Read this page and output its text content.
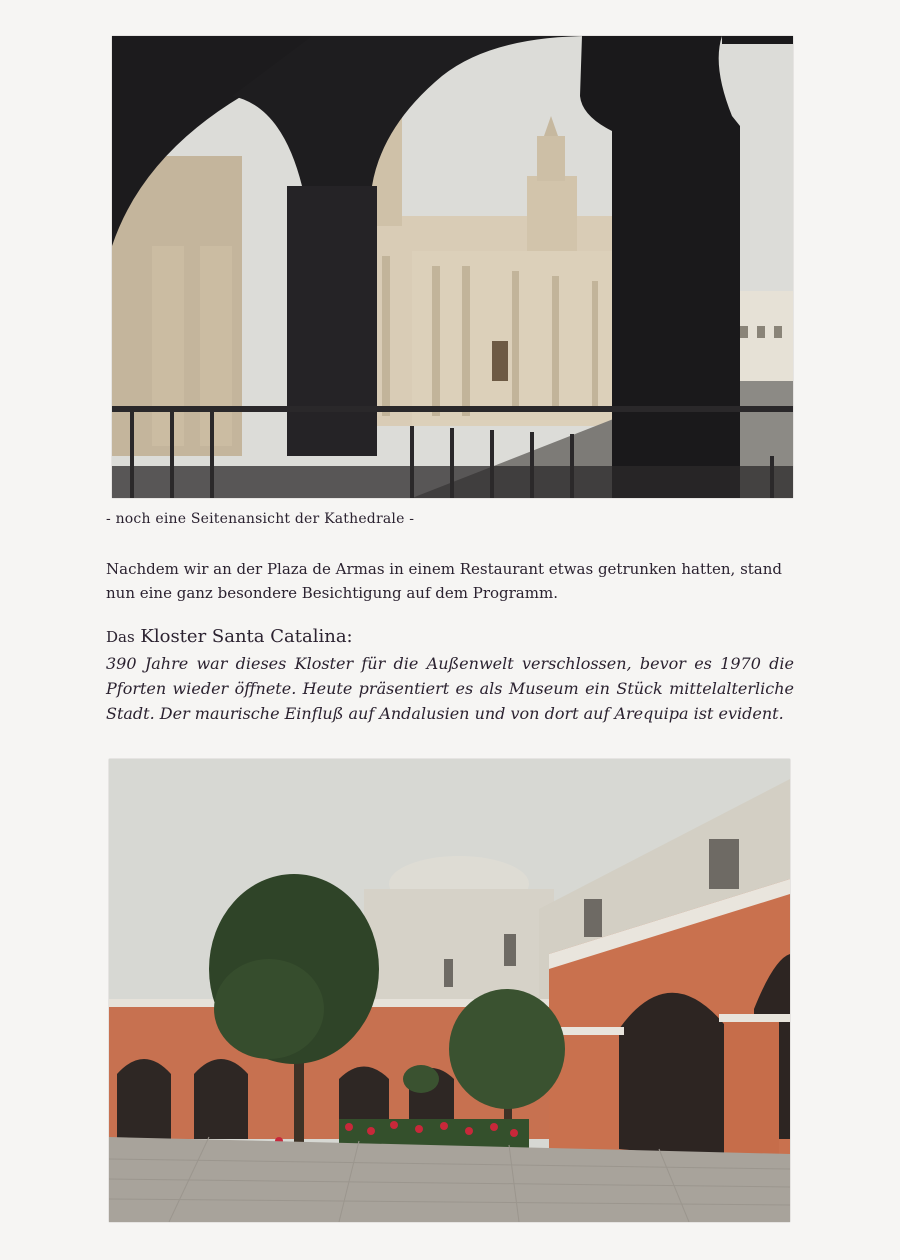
- noch eine Seitenansicht der Kathedrale -
Nachdem wir an der Plaza de Armas in einem Restaurant etwas getrunken hatten, stand nun eine ganz besondere Besichtigung auf dem Programm.
Das Kloster Santa Catalina:
390 Jahre war dieses Kloster für die Außenwelt verschlossen, bevor es 1970 die Pforten wieder öffnete. Heute präsentiert es als Museum ein Stück mittelalterliche Stadt. Der maurische Einfluß auf Andalusien und von dort auf Arequipa ist evident.
